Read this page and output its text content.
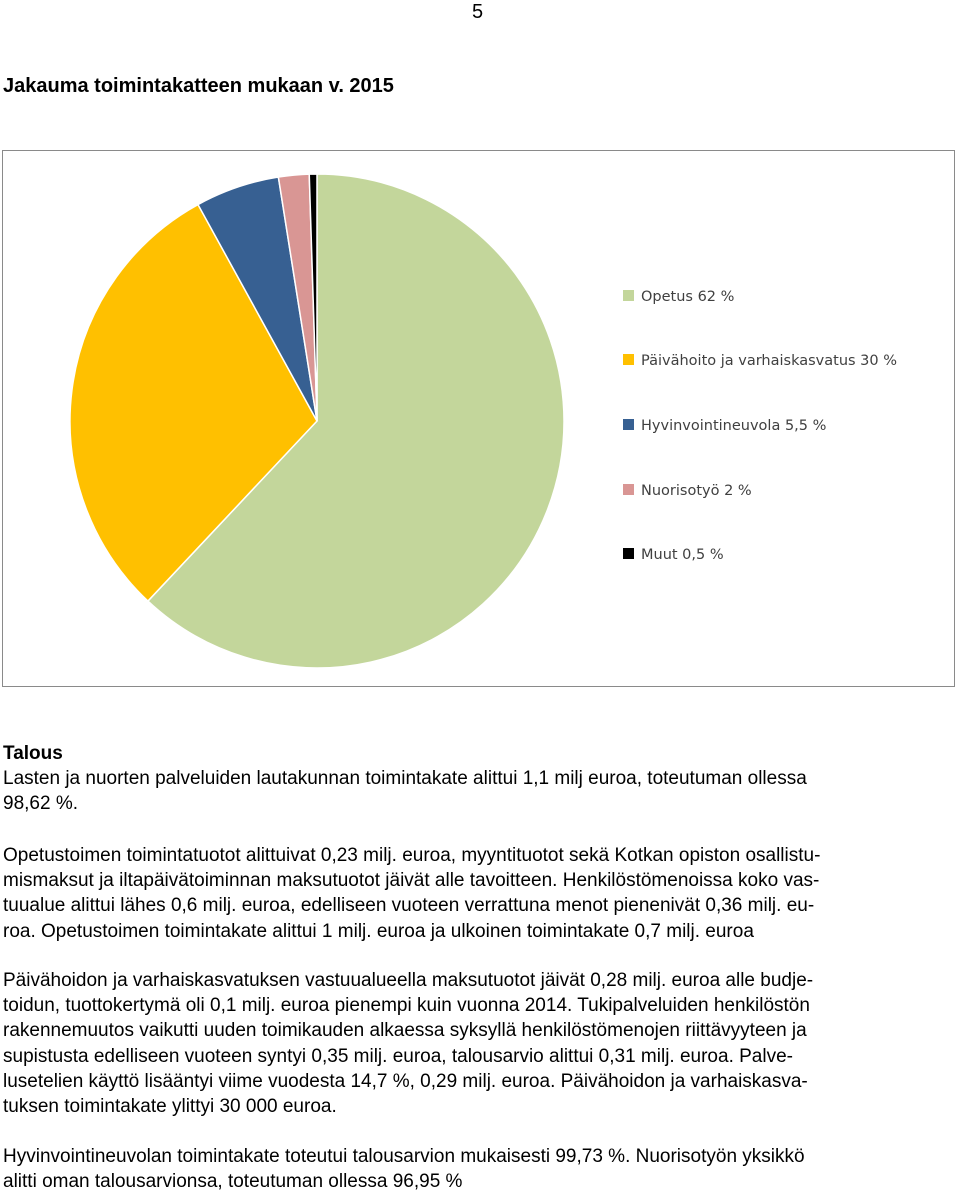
5
Jakauma toimintakatteen mukaan v. 2015
Opetus 62 %
Päivähoito ja varhaiskasvatus 30 %
Hyvinvointineuvola 5,5 %
Nuorisotyö 2 %
Muut 0,5 %
Talous
Lasten ja nuorten palveluiden lautakunnan toimintakate alittui 1,1 milj euroa, toteutuman ollessa
98,62 %.
Opetustoimen toimintatuotot alittuivat 0,23 milj. euroa, myyntituotot sekä Kotkan opiston osallistu-
mismaksut ja iltapäivätoiminnan maksutuotot jäivät alle tavoitteen. Henkilöstömenoissa koko vas-
tuualue alittui lähes 0,6 milj. euroa, edelliseen vuoteen verrattuna menot pienenivät 0,36 milj. eu-
roa. Opetustoimen toimintakate alittui 1 milj. euroa ja ulkoinen toimintakate 0,7 milj. euroa
Päivähoidon ja varhaiskasvatuksen vastuualueella maksutuotot jäivät 0,28 milj. euroa alle budje-
toidun, tuottokertymä oli 0,1 milj. euroa pienempi kuin vuonna 2014. Tukipalveluiden henkilöstön
rakennemuutos vaikutti uuden toimikauden alkaessa syksyllä henkilöstömenojen riittävyyteen ja
supistusta edelliseen vuoteen syntyi 0,35 milj. euroa, talousarvio alittui 0,31 milj. euroa. Palve-
lusetelien käyttö lisääntyi viime vuodesta 14,7 %, 0,29 milj. euroa. Päivähoidon ja varhaiskasva-
tuksen toimintakate ylittyi 30 000 euroa.
Hyvinvointineuvolan toimintakate toteutui talousarvion mukaisesti 99,73 %. Nuorisotyön yksikkö
alitti oman talousarvionsa, toteutuman ollessa 96,95 %
